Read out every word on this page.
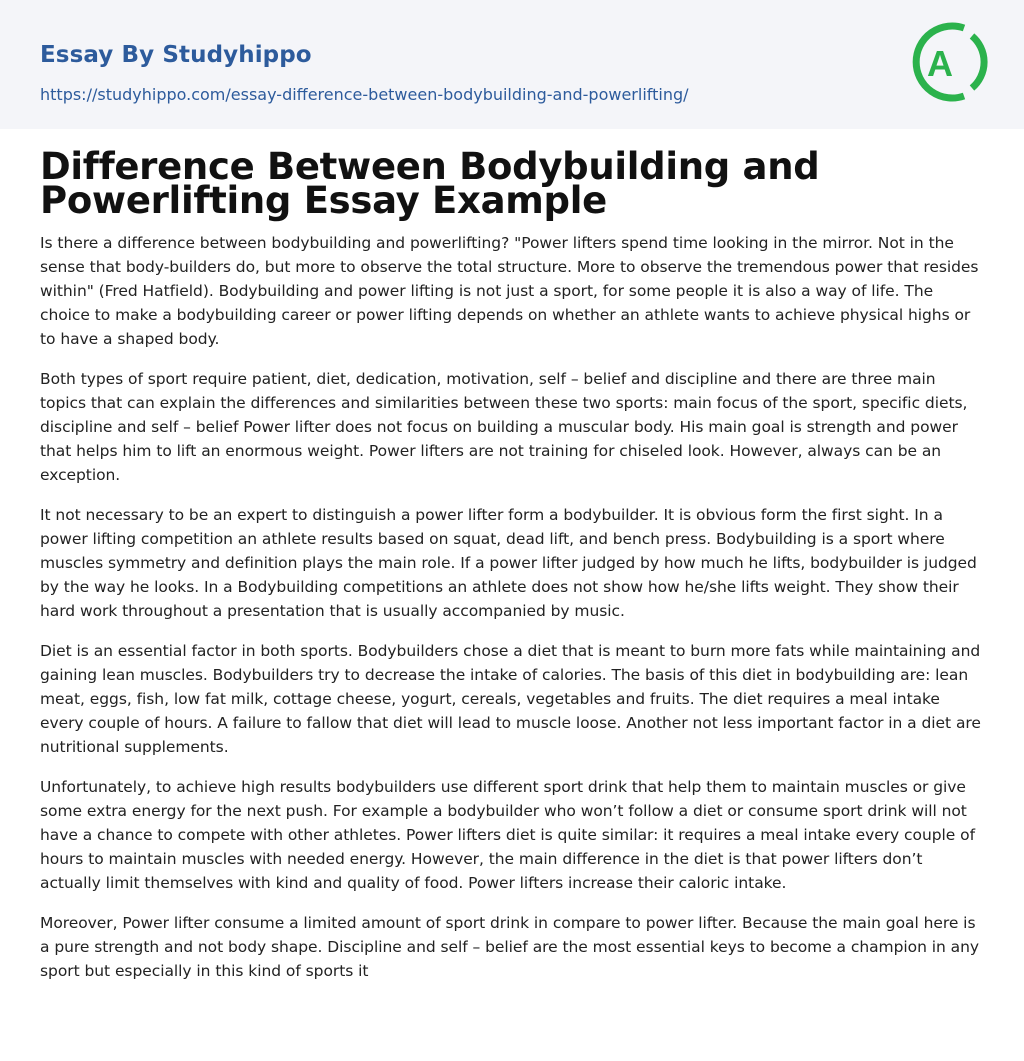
Essay By Studyhippo
https://studyhippo.com/essay-difference-between-bodybuilding-and-powerlifting/
A
Difference Between Bodybuilding and Powerlifting Essay Example

Is there a difference between bodybuilding and powerlifting? "Power lifters spend time looking in the mirror. Not in the sense that body-builders do, but more to observe the total structure. More to observe the tremendous power that resides within" (Fred Hatfield). Bodybuilding and power lifting is not just a sport, for some people it is also a way of life. The choice to make a bodybuilding career or power lifting depends on whether an athlete wants to achieve physical highs or to have a shaped body.

Both types of sport require patient, diet, dedication, motivation, self – belief and discipline and there are three main topics that can explain the differences and similarities between these two sports: main focus of the sport, specific diets, discipline and self – belief Power lifter does not focus on building a muscular body. His main goal is strength and power that helps him to lift an enormous weight. Power lifters are not training for chiseled look. However, always can be an exception.

It not necessary to be an expert to distinguish a power lifter form a bodybuilder. It is obvious form the first sight. In a power lifting competition an athlete results based on squat, dead lift, and bench press. Bodybuilding is a sport where muscles symmetry and definition plays the main role. If a power lifter judged by how much he lifts, bodybuilder is judged by the way he looks. In a Bodybuilding competitions an athlete does not show how he/she lifts weight. They show their hard work throughout a presentation that is usually accompanied by music.

Diet is an essential factor in both sports. Bodybuilders chose a diet that is meant to burn more fats while maintaining and gaining lean muscles. Bodybuilders try to decrease the intake of calories. The basis of this diet in bodybuilding are: lean meat, eggs, fish, low fat milk, cottage cheese, yogurt, cereals, vegetables and fruits. The diet requires a meal intake every couple of hours. A failure to fallow that diet will lead to muscle loose. Another not less important factor in a diet are nutritional supplements.

Unfortunately, to achieve high results bodybuilders use different sport drink that help them to maintain muscles or give some extra energy for the next push. For example a bodybuilder who won’t follow a diet or consume sport drink will not have a chance to compete with other athletes. Power lifters diet is quite similar: it requires a meal intake every couple of hours to maintain muscles with needed energy. However, the main difference in the diet is that power lifters don’t actually limit themselves with kind and quality of food. Power lifters increase their caloric intake.

Moreover, Power lifter consume a limited amount of sport drink in compare to power lifter. Because the main goal here is a pure strength and not body shape. Discipline and self – belief are the most essential keys to become a champion in any sport but especially in this kind of sports it
